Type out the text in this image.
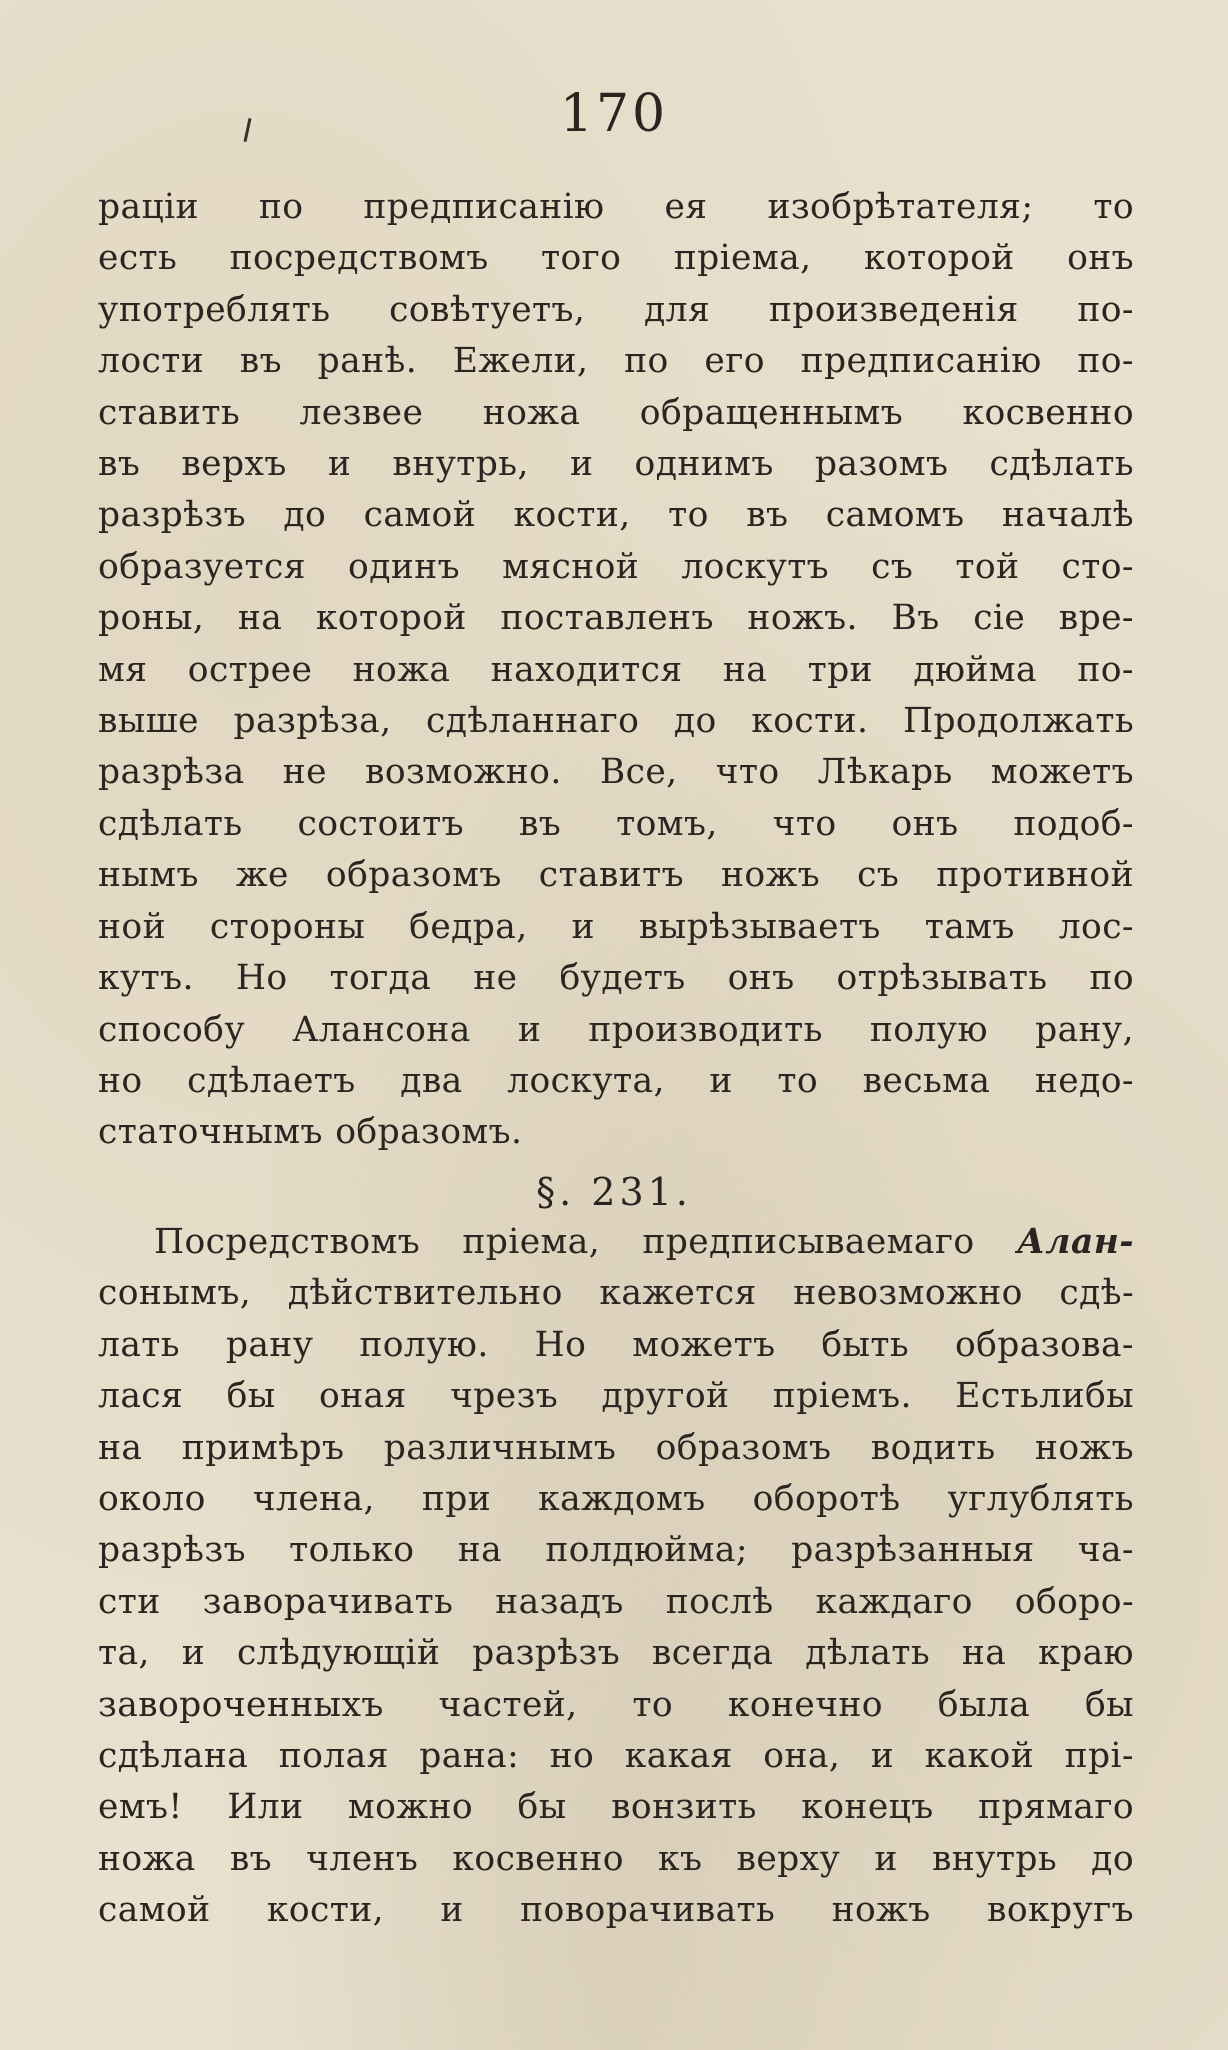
170
раціи по предписанію ея изобрѣтателя; то
есть посредствомъ того пріема, которой онъ
употреблять совѣтуетъ, для произведенія по-
лости въ ранѣ. Ежели, по его предписанію по-
ставить лезвее ножа обращеннымъ косвенно
въ верхъ и внутрь, и однимъ разомъ сдѣлать
разрѣзъ до самой кости, то въ самомъ началѣ
образуется одинъ мясной лоскутъ съ той сто-
роны, на которой поставленъ ножъ. Въ сіе вре-
мя острее ножа находится на три дюйма по-
выше разрѣза, сдѣланнаго до кости. Продолжать
разрѣза не возможно. Все, что Лѣкарь можетъ
сдѣлать состоитъ въ томъ, что онъ подоб-
нымъ же образомъ ставитъ ножъ съ противной
ной стороны бедра, и вырѣзываетъ тамъ лос-
кутъ. Но тогда не будетъ онъ отрѣзывать по
способу Алансона и производить полую рану,
но сдѣлаетъ два лоскута, и то весьма недо-
статочнымъ образомъ.
§. 231.
Посредствомъ пріема, предписываемаго Алан-
сонымъ, дѣйствительно кажется невозможно сдѣ-
лать рану полую. Но можетъ быть образова-
лася бы оная чрезъ другой пріемъ. Естьлибы
на примѣръ различнымъ образомъ водить ножъ
около члена, при каждомъ оборотѣ углублять
разрѣзъ только на полдюйма; разрѣзанныя ча-
сти заворачивать назадъ послѣ каждаго оборо-
та, и слѣдующій разрѣзъ всегда дѣлать на краю
завороченныхъ частей, то конечно была бы
сдѣлана полая рана: но какая она, и какой прі-
емъ! Или можно бы вонзить конецъ прямаго
ножа въ членъ косвенно къ верху и внутрь до
самой кости, и поворачивать ножъ вокругъ
